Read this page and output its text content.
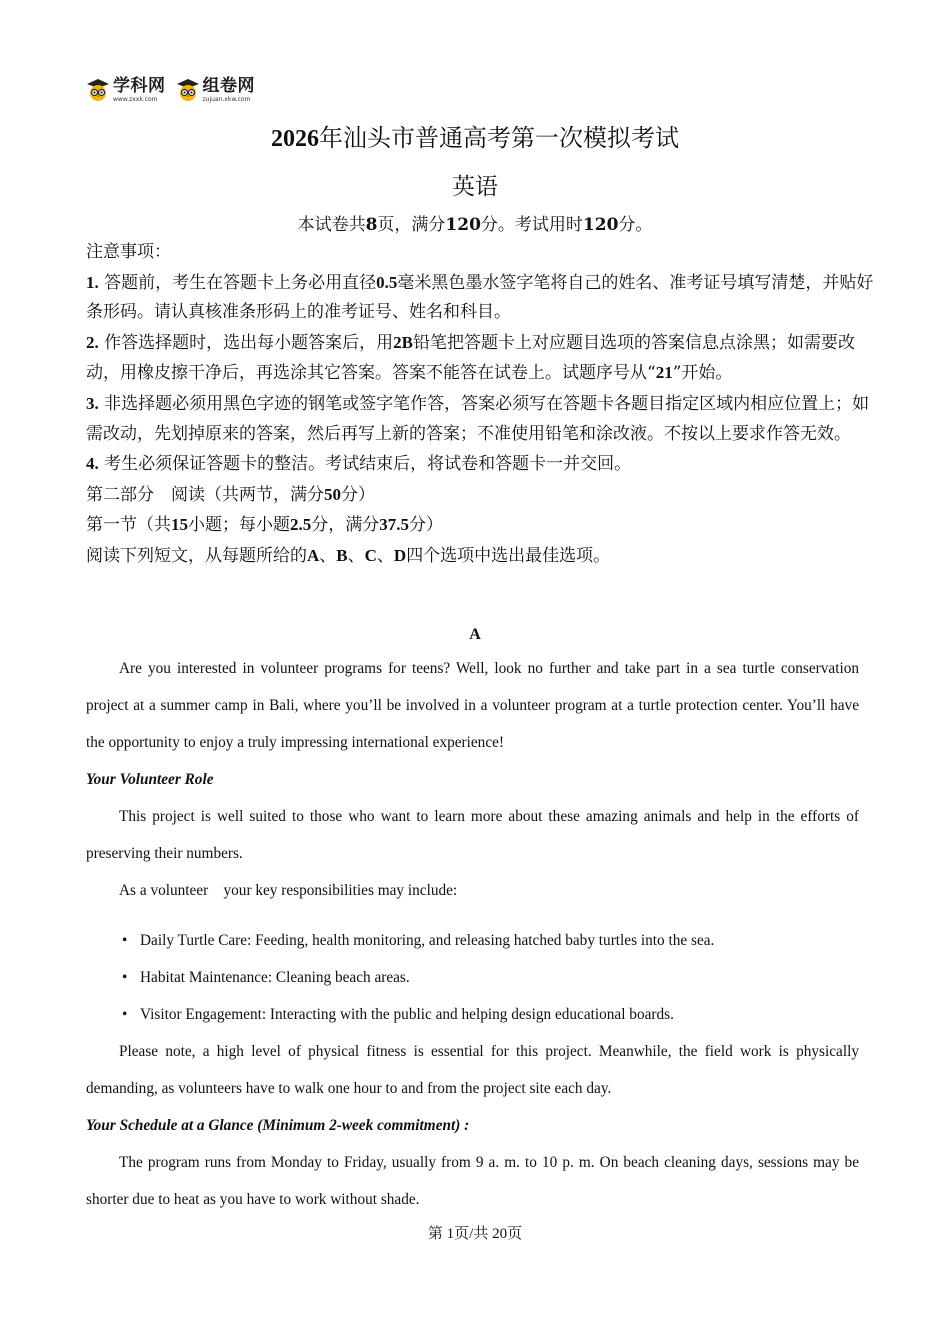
学科网
www.zxxk.com
组卷网
zujuan.xkw.com
2026年汕头市普通高考第一次模拟考试
英语
本试卷共8页，满分120分。考试用时120分。

注意事项：

1. 答题前，考生在答题卡上务必用直径0.5毫米黑色墨水签字笔将自己的姓名、准考证号填写清楚，并贴好条形码。请认真核准条形码上的准考证号、姓名和科目。

2. 作答选择题时，选出每小题答案后，用2B铅笔把答题卡上对应题目选项的答案信息点涂黑；如需要改动，用橡皮擦干净后，再选涂其它答案。答案不能答在试卷上。试题序号从“21”开始。

3. 非选择题必须用黑色字迹的钢笔或签字笔作答，答案必须写在答题卡各题目指定区域内相应位置上；如需改动，先划掉原来的答案，然后再写上新的答案；不准使用铅笔和涂改液。不按以上要求作答无效。

4. 考生必须保证答题卡的整洁。考试结束后，将试卷和答题卡一并交回。

第二部分　阅读（共两节，满分50分）

第一节（共15小题；每小题2.5分，满分37.5分）

阅读下列短文，从每题所给的A、B、C、D四个选项中选出最佳选项。

A

Are you interested in volunteer programs for teens? Well, look no further and take part in a sea turtle conservation project at a summer camp in Bali, where you’ll be involved in a volunteer program at a turtle protection center. You’ll have the opportunity to enjoy a truly impressing international experience!

Your Volunteer Role

This project is well suited to those who want to learn more about these amazing animals and help in the efforts of preserving their numbers.

As a volunteer　your key responsibilities may include:

• Daily Turtle Care: Feeding, health monitoring, and releasing hatched baby turtles into the sea.
• Habitat Maintenance: Cleaning beach areas.
• Visitor Engagement: Interacting with the public and helping design educational boards.

Please note, a high level of physical fitness is essential for this project. Meanwhile, the field work is physically demanding, as volunteers have to walk one hour to and from the project site each day.

Your Schedule at a Glance (Minimum 2-week commitment) :

The program runs from Monday to Friday, usually from 9 a. m. to 10 p. m. On beach cleaning days, sessions may be shorter due to heat as you have to work without shade.

第 1页/共 20页
